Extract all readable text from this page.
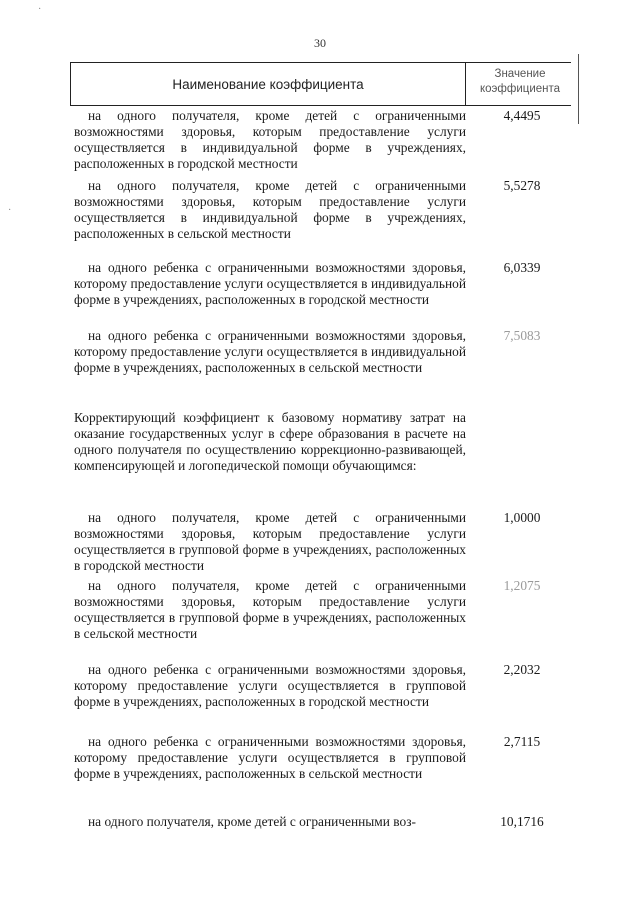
30
Наименование коэффициента
Значение
коэффициента
·
·
на одного получателя, кроме детей с ограниченными возможностями здоровья, которым предоставление услуги осуществляется в индивидуальной форме в учреждениях, расположенных в городской местности
4,4495
на одного получателя, кроме детей с ограниченными возможностями здоровья, которым предоставление услуги осуществляется в индивидуальной форме в учреждениях, расположенных в сельской местности
5,5278
на одного ребенка с ограниченными возможностями здоровья, которому предоставление услуги осуществляется в индивидуальной форме в учреждениях, расположенных в городской местности
6,0339
на одного ребенка с ограниченными возможностями здоровья, которому предоставление услуги осуществляется в индивидуальной форме в учреждениях, расположенных в сельской местности
7,5083
Корректирующий коэффициент к базовому нормативу затрат на оказание государственных услуг в сфере образования в расчете на одного получателя по осуществлению коррекционно-развивающей, компенсирующей и логопедической помощи обучающимся:
на одного получателя, кроме детей с ограниченными возможностями здоровья, которым предоставление услуги осуществляется в групповой форме в учреждениях, расположенных в городской местности
1,0000
на одного получателя, кроме детей с ограниченными возможностями здоровья, которым предоставление услуги осуществляется в групповой форме в учреждениях, расположенных в сельской местности
1,2075
на одного ребенка с ограниченными возможностями здоровья, которому предоставление услуги осуществляется в групповой форме в учреждениях, расположенных в городской местности
2,2032
на одного ребенка с ограниченными возможностями здоровья, которому предоставление услуги осуществляется в групповой форме в учреждениях, расположенных в сельской местности
2,7115
на одного получателя, кроме детей с ограниченными воз-	10,1716
